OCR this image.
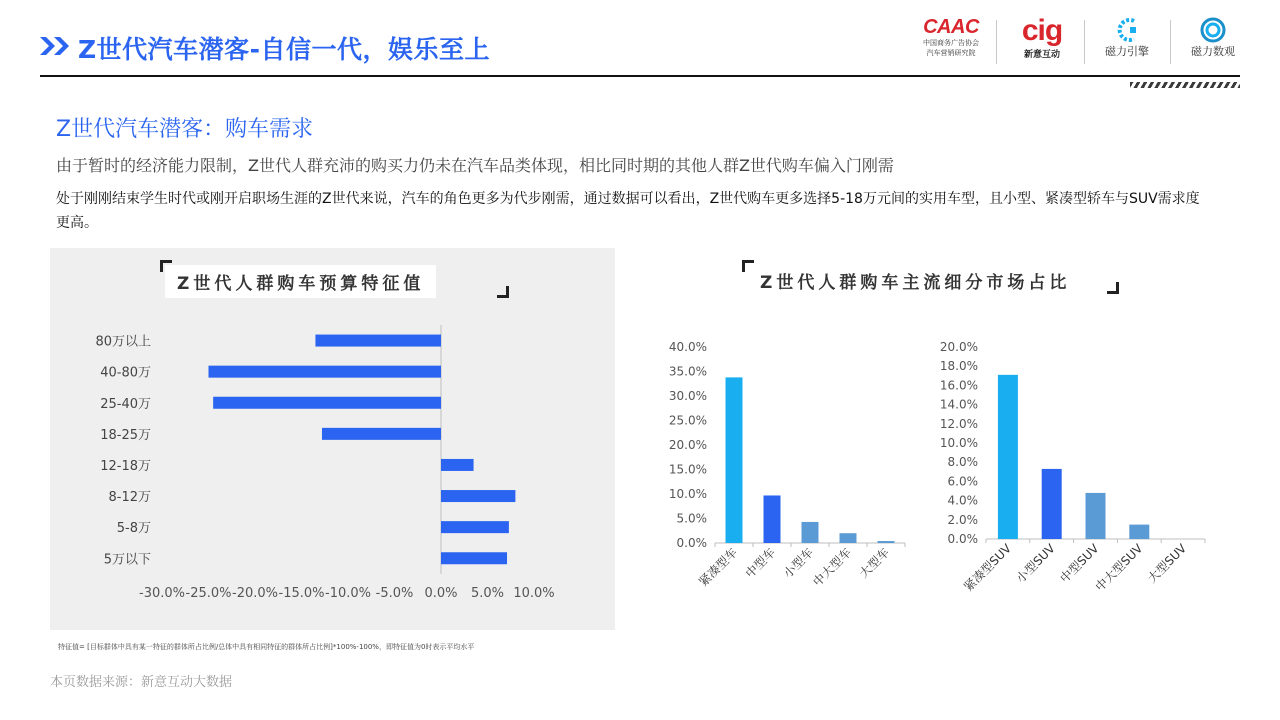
Z世代汽车潜客-自信一代，娱乐至上
CAAC
中国商务广告协会
汽车营销研究院
cig
新意互动	磁力引擎	磁力数观
Z世代汽车潜客：购车需求
由于暂时的经济能力限制，Z世代人群充沛的购买力仍未在汽车品类体现，相比同时期的其他人群Z世代购车偏入门刚需
处于刚刚结束学生时代或刚开启职场生涯的Z世代来说，汽车的角色更多为代步刚需，通过数据可以看出，Z世代购车更多选择5-18万元间的实用车型，且小型、紧凑型轿车与SUV需求度更高。
Z世代人群购车预算特征值	Z世代人群购车主流细分市场占比
80万以上
40-80万
25-40万
18-25万
12-18万
8-12万
5-8万
5万以下
-30.0% -25.0% -20.0% -15.0% -10.0% -5.0% 0.0% 5.0% 10.0%
0.0%
5.0%
10.0%
15.0%
20.0%
25.0%
30.0%
35.0%
40.0%
紧凑型车 中型车 小型车
中大型车 大型车
0.0%
2.0%
4.0%
6.0%
8.0%
10.0%
12.0%
14.0%
16.0%
18.0%
20.0%
紧凑型SUV 小型SUV 中型SUV
中大型SUV 大型SUV
特征值= [目标群体中具有某一特征的群体所占比例/总体中具有相同特征的群体所占比例]*100%-100%，即特征值为0时表示平均水平
本页数据来源：新意互动大数据
